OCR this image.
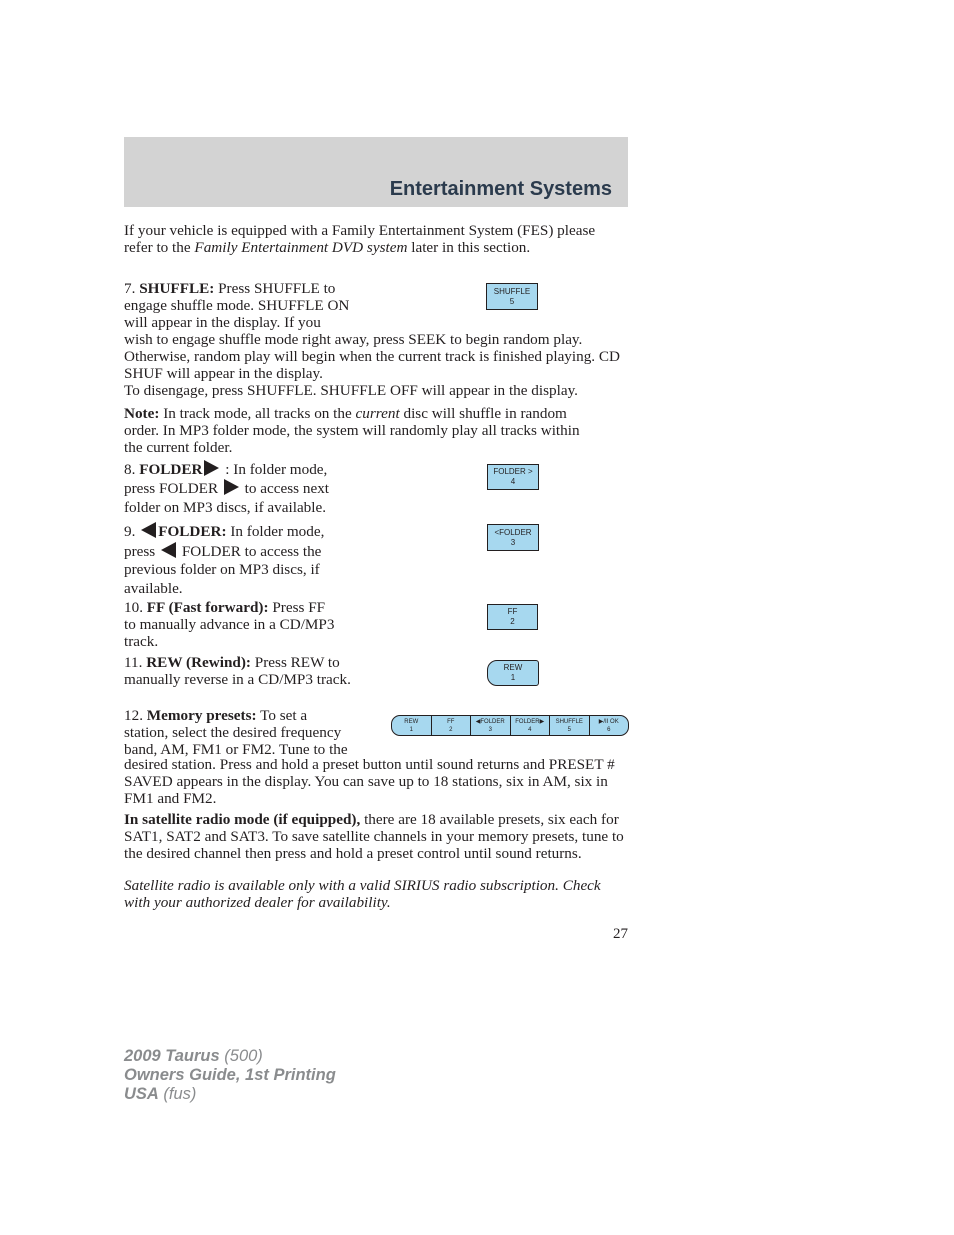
Entertainment Systems

If your vehicle is equipped with a Family Entertainment System (FES) please refer to the Family Entertainment DVD system later in this section.

7. SHUFFLE: Press SHUFFLE to
engage shuffle mode. SHUFFLE ON
will appear in the display. If you

wish to engage shuffle mode right away, press SEEK to begin random play. Otherwise, random play will begin when the current track is finished playing. CD SHUF will appear in the display.

To disengage, press SHUFFLE. SHUFFLE OFF will appear in the display.

SHUFFLE
5

Note: In track mode, all tracks on the current disc will shuffle in random order. In MP3 folder mode, the system will randomly play all tracks within the current folder.

8. FOLDER : In folder mode,
press FOLDER  to access next
folder on MP3 discs, if available.

FOLDER >
4

9. FOLDER: In folder mode,
press  FOLDER to access the
previous folder on MP3 discs, if
available.

<FOLDER
3

10. FF (Fast forward): Press FF
to manually advance in a CD/MP3
track.

FF
2

11. REW (Rewind): Press REW to
manually reverse in a CD/MP3 track.

REW
1

12. Memory presets: To set a
station, select the desired frequency
band, AM, FM1 or FM2. Tune to the

desired station. Press and hold a preset button until sound returns and PRESET # SAVED appears in the display. You can save up to 18 stations, six in AM, six in FM1 and FM2.

REW
1
FF
2
◀FOLDER
3
FOLDER▶
4
SHUFFLE
5
▶/II OK
6

In satellite radio mode (if equipped), there are 18 available presets, six each for SAT1, SAT2 and SAT3. To save satellite channels in your memory presets, tune to the desired channel then press and hold a preset control until sound returns.

Satellite radio is available only with a valid SIRIUS radio subscription. Check with your authorized dealer for availability.

27
2009 Taurus (500)
Owners Guide, 1st Printing
USA (fus)
